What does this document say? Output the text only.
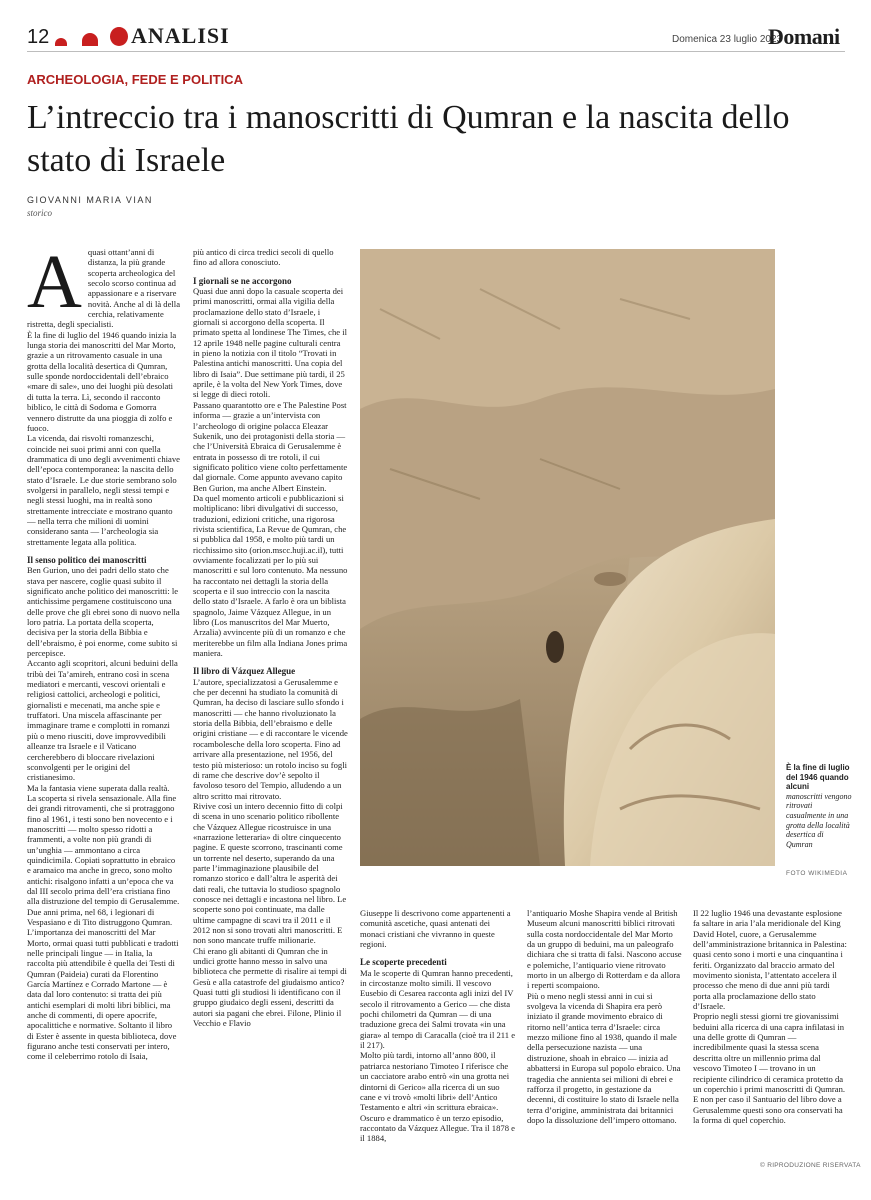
12	ANALISI	Domenica 23 luglio 2023
Domani
ARCHEOLOGIA, FEDE E POLITICA
L’intreccio tra i manoscritti di Qumran e la nascita dello stato di Israele
GIOVANNI MARIA VIAN
storico
A quasi ottant’anni di distanza, la più grande scoperta archeologica del secolo scorso continua ad appassionare e a riservare novità. Anche al di là della cerchia, relativamente ristretta, degli specialisti.

È la fine di luglio del 1946 quando inizia la lunga storia dei manoscritti del Mar Morto, grazie a un ritrovamento casuale in una grotta della località desertica di Qumran, sulle sponde nordoccidentali dell’ebraico «mare di sale», uno dei luoghi più desolati di tutta la terra. Lì, secondo il racconto biblico, le città di Sodoma e Gomorra vennero distrutte da una pioggia di zolfo e fuoco.

La vicenda, dai risvolti romanzeschi, coincide nei suoi primi anni con quella drammatica di uno degli avvenimenti chiave dell’epoca contemporanea: la nascita dello stato d’Israele. Le due storie sembrano solo svolgersi in parallelo, negli stessi tempi e negli stessi luoghi, ma in realtà sono strettamente intrecciate e mostrano quanto — nella terra che milioni di uomini considerano santa — l’archeologia sia strettamente legata alla politica.

Il senso politico dei manoscritti

Ben Gurion, uno dei padri dello stato che stava per nascere, coglie quasi subito il significato anche politico dei manoscritti: le antichissime pergamene costituiscono una delle prove che gli ebrei sono di nuovo nella loro patria. La portata della scoperta, decisiva per la storia della Bibbia e dell’ebraismo, è poi enorme, come subito si percepisce.

Accanto agli scopritori, alcuni beduini della tribù dei Ta’amireh, entrano così in scena mediatori e mercanti, vescovi orientali e religiosi cattolici, archeologi e politici, giornalisti e mecenati, ma anche spie e truffatori. Una miscela affascinante per immaginare trame e complotti in romanzi più o meno riusciti, dove improvvedibili alleanze tra Israele e il Vaticano cercherebbero di bloccare rivelazioni sconvolgenti per le origini del cristianesimo.

Ma la fantasia viene superata dalla realtà. La scoperta si rivela sensazionale. Alla fine dei grandi ritrovamenti, che si protraggono fino al 1961, i testi sono ben novecento e i manoscritti — molto spesso ridotti a frammenti, a volte non più grandi di un’unghia — ammontano a circa quindicimila. Copiati soprattutto in ebraico e aramaico ma anche in greco, sono molto antichi: risalgono infatti a un’epoca che va dal III secolo prima dell’era cristiana fino alla distruzione del tempio di Gerusalemme. Due anni prima, nel 68, i legionari di Vespasiano e di Tito distruggono Qumran.

L’importanza dei manoscritti del Mar Morto, ormai quasi tutti pubblicati e tradotti nelle principali lingue — in Italia, la raccolta più attendibile è quella dei Testi di Qumran (Paideia) curati da Florentino García Martínez e Corrado Martone — è data dal loro contenuto: si tratta dei più antichi esemplari di molti libri biblici, ma anche di commenti, di opere apocrife, apocalittiche e normative. Soltanto il libro di Ester è assente in questa biblioteca, dove figurano anche testi conservati per intero, come il celeberrimo rotolo di Isaia,

più antico di circa tredici secoli di quello fino ad allora conosciuto.

I giornali se ne accorgono

Quasi due anni dopo la casuale scoperta dei primi manoscritti, ormai alla vigilia della proclamazione dello stato d’Israele, i giornali si accorgono della scoperta. Il primato spetta al londinese The Times, che il 12 aprile 1948 nelle pagine culturali centra in pieno la notizia con il titolo “Trovati in Palestina antichi manoscritti. Una copia del libro di Isaia”. Due settimane più tardi, il 25 aprile, è la volta del New York Times, dove si legge di dieci rotoli.

Passano quarantotto ore e The Palestine Post informa — grazie a un’intervista con l’archeologo di origine polacca Eleazar Sukenik, uno dei protagonisti della storia — che l’Università Ebraica di Gerusalemme è entrata in possesso di tre rotoli, il cui significato politico viene colto perfettamente dal giornale. Come appunto avevano capito Ben Gurion, ma anche Albert Einstein.

Da quel momento articoli e pubblicazioni si moltiplicano: libri divulgativi di successo, traduzioni, edizioni critiche, una rigorosa rivista scientifica, La Revue de Qumran, che si pubblica dal 1958, e molto più tardi un ricchissimo sito (orion.mscc.huji.ac.il), tutti ovviamente focalizzati per lo più sui manoscritti e sul loro contenuto. Ma nessuno ha raccontato nei dettagli la storia della scoperta e il suo intreccio con la nascita dello stato d’Israele. A farlo è ora un biblista spagnolo, Jaime Vázquez Allegue, in un libro (Los manuscritos del Mar Muerto, Arzalia) avvincente più di un romanzo e che meriterebbe un film alla Indiana Jones prima maniera.

Il libro di Vázquez Allegue

L’autore, specializzatosi a Gerusalemme e che per decenni ha studiato la comunità di Qumran, ha deciso di lasciare sullo sfondo i manoscritti — che hanno rivoluzionato la storia della Bibbia, dell’ebraismo e delle origini cristiane — e di raccontare le vicende rocambolesche della loro scoperta. Fino ad arrivare alla presentazione, nel 1956, del testo più misterioso: un rotolo inciso su fogli di rame che descrive dov’è sepolto il favoloso tesoro del Tempio, alludendo a un altro scritto mai ritrovato.

Rivive così un intero decennio fitto di colpi di scena in uno scenario politico ribollente che Vázquez Allegue ricostruisce in una «narrazione letteraria» di oltre cinquecento pagine. E queste scorrono, trascinanti come un torrente nel deserto, superando da una parte l’immaginazione plausibile del romanzo storico e dall’altra le asperità dei dati reali, che tuttavia lo studioso spagnolo conosce nei dettagli e incastona nel libro. Le scoperte sono poi continuate, ma dalle ultime campagne di scavi tra il 2011 e il 2012 non si sono trovati altri manoscritti. E non sono mancate truffe milionarie.

Chi erano gli abitanti di Qumran che in undici grotte hanno messo in salvo una biblioteca che permette di risalire ai tempi di Gesù e alla catastrofe del giudaismo antico? Quasi tutti gli studiosi li identificano con il gruppo giudaico degli esseni, descritti da autori sia pagani che ebrei. Filone, Plinio il Vecchio e Flavio

È la fine di luglio del 1946 quando alcuni
manoscritti vengono ritrovati casualmente in una grotta della località desertica di Qumran
FOTO WIKIMEDIA

Giuseppe li descrivono come appartenenti a comunità ascetiche, quasi antenati dei monaci cristiani che vivranno in queste regioni.

Le scoperte precedenti

Ma le scoperte di Qumran hanno precedenti, in circostanze molto simili. Il vescovo Eusebio di Cesarea racconta agli inizi del IV secolo il ritrovamento a Gerico — che dista pochi chilometri da Qumran — di una traduzione greca dei Salmi trovata «in una giara» al tempo di Caracalla (cioè tra il 211 e il 217).

Molto più tardi, intorno all’anno 800, il patriarca nestoriano Timoteo I riferisce che un cacciatore arabo entrò «in una grotta nei dintorni di Gerico» alla ricerca di un suo cane e vi trovò «molti libri» dell’Antico Testamento e altri «in scrittura ebraica».

Oscuro e drammatico è un terzo episodio, raccontato da Vázquez Allegue. Tra il 1878 e il 1884,

l’antiquario Moshe Shapira vende al British Museum alcuni manoscritti biblici ritrovati sulla costa nordoccidentale del Mar Morto da un gruppo di beduini, ma un paleografo dichiara che si tratta di falsi. Nascono accuse e polemiche, l’antiquario viene ritrovato morto in un albergo di Rotterdam e da allora i reperti scompaiono.

Più o meno negli stessi anni in cui si svolgeva la vicenda di Shapira era però iniziato il grande movimento ebraico di ritorno nell’antica terra d’Israele: circa mezzo milione fino al 1938, quando il male della persecuzione nazista — una distruzione, shoah in ebraico — inizia ad abbattersi in Europa sul popolo ebraico. Una tragedia che annienta sei milioni di ebrei e rafforza il progetto, in gestazione da decenni, di costituire lo stato di Israele nella terra d’origine, amministrata dai britannici dopo la dissoluzione dell’impero ottomano.

Il 22 luglio 1946 una devastante esplosione fa saltare in aria l’ala meridionale del King David Hotel, cuore, a Gerusalemme dell’amministrazione britannica in Palestina: quasi cento sono i morti e una cinquantina i feriti. Organizzato dal braccio armato del movimento sionista, l’attentato accelera il processo che meno di due anni più tardi porta alla proclamazione dello stato d’Israele.

Proprio negli stessi giorni tre giovanissimi beduini alla ricerca di una capra infilatasi in una delle grotte di Qumran — incredibilmente quasi la stessa scena descritta oltre un millennio prima dal vescovo Timoteo I — trovano in un recipiente cilindrico di ceramica protetto da un coperchio i primi manoscritti di Qumran. E non per caso il Santuario del libro dove a Gerusalemme questi sono ora conservati ha la forma di quel coperchio.

© RIPRODUZIONE RISERVATA
